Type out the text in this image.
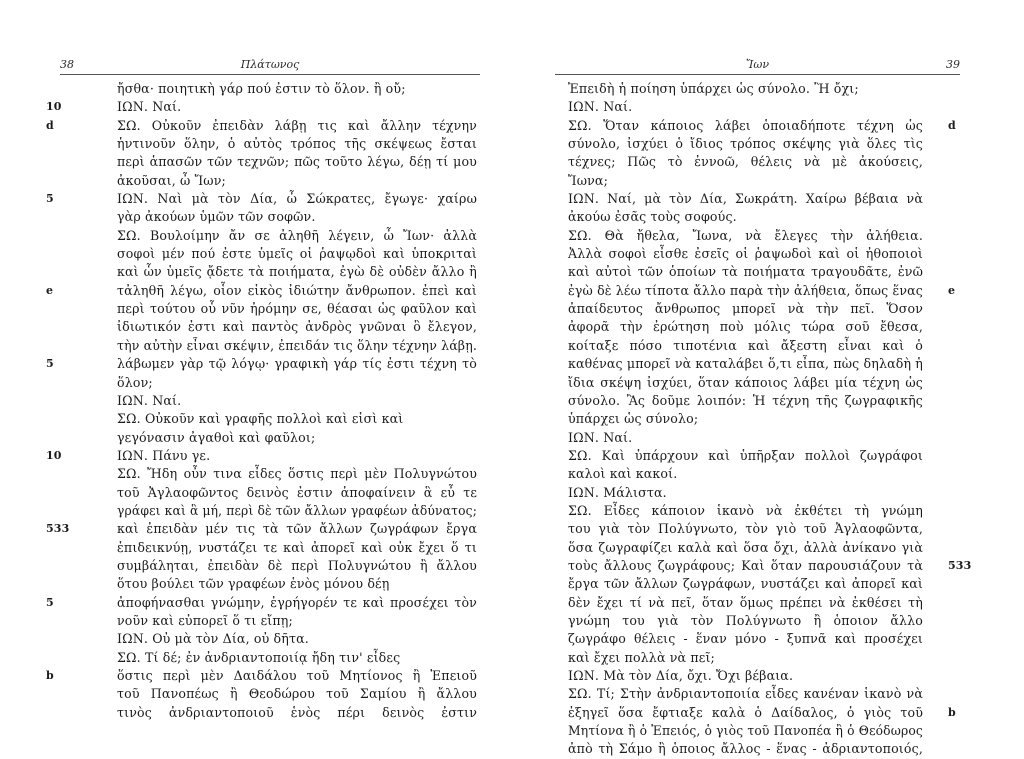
38	Πλάτωνος
ἤσθα· ποιητικὴ γάρ πού ἐστιν τὸ ὅλον. ἢ οὔ;
ΙΩΝ. Ναί.
10
ΣΩ. Οὐκοῦν ἐπειδὰν λάβῃ τις καὶ ἄλλην τέχνην
d
ἡντινοῦν ὅλην, ὁ αὐτὸς τρόπος τῆς σκέψεως ἔσται
περὶ ἁπασῶν τῶν τεχνῶν; πῶς τοῦτο λέγω, δέῃ τί μου
ἀκοῦσαι, ὦ Ἴων;
ΙΩΝ. Ναὶ μὰ τὸν Δία, ὦ Σώκρατες, ἔγωγε· χαίρω
5
γὰρ ἀκούων ὑμῶν τῶν σοφῶν.
ΣΩ. Βουλοίμην ἄν σε ἀληθῆ λέγειν, ὦ Ἴων· ἀλλὰ
σοφοὶ μέν πού ἐστε ὑμεῖς οἱ ῥαψῳδοὶ καὶ ὑποκριταὶ
καὶ ὧν ὑμεῖς ᾄδετε τὰ ποιήματα, ἐγὼ δὲ οὐδὲν ἄλλο ἢ
τἀληθῆ λέγω, οἷον εἰκὸς ἰδιώτην ἄνθρωπον. ἐπεὶ καὶ
e
περὶ τούτου οὗ νῦν ἠρόμην σε, θέασαι ὡς φαῦλον καὶ
ἰδιωτικόν ἐστι καὶ παντὸς ἀνδρὸς γνῶναι ὃ ἔλεγον,
τὴν αὐτὴν εἶναι σκέψιν, ἐπειδάν τις ὅλην τέχνην λάβῃ.
λάβωμεν γὰρ τῷ λόγῳ· γραφικὴ γάρ τίς ἐστι τέχνη τὸ
5
ὅλον;
ΙΩΝ. Ναί.
ΣΩ. Οὐκοῦν καὶ γραφῆς πολλοὶ καὶ εἰσὶ καὶ
γεγόνασιν ἀγαθοὶ καὶ φαῦλοι;
ΙΩΝ. Πάνυ γε.
10
ΣΩ. Ἤδη οὖν τινα εἶδες ὅστις περὶ μὲν Πολυγνώτου
τοῦ Ἀγλαοφῶντος δεινὸς ἐστιν ἀποφαίνειν ἃ εὖ τε
γράφει καὶ ἃ μή, περὶ δὲ τῶν ἄλλων γραφέων ἀδύνατος;
καὶ ἐπειδὰν μέν τις τὰ τῶν ἄλλων ζωγράφων ἔργα
533
ἐπιδεικνύῃ, νυστάζει τε καὶ ἀπορεῖ καὶ οὐκ ἔχει ὅ τι
συμβάληται, ἐπειδὰν δὲ περὶ Πολυγνώτου ἢ ἄλλου
ὅτου βούλει τῶν γραφέων ἑνὸς μόνου δέῃ
ἀποφήνασθαι γνώμην, ἐγρήγορέν τε καὶ προσέχει τὸν
5
νοῦν καὶ εὐπορεῖ ὅ τι εἴπῃ;
ΙΩΝ. Οὐ μὰ τὸν Δία, οὐ δῆτα.
ΣΩ. Τί δέ; ἐν ἀνδριαντοποιίᾳ ἤδη τιν' εἶδες
ὅστις περὶ μὲν Δαιδάλου τοῦ Μητίονος ἢ Ἐπειοῦ
b
τοῦ Πανοπέως ἢ Θεοδώρου τοῦ Σαμίου ἢ ἄλλου
τινὸς ἀνδριαντοποιοῦ ἑνὸς πέρι δεινὸς ἐστιν
Ἴων	39
Ἐπειδὴ ἡ ποίηση ὑπάρχει ὡς σύνολο. Ἢ ὄχι;
ΙΩΝ. Ναί.
ΣΩ. Ὅταν κάποιος λάβει ὁποιαδήποτε τέχνη ὡς d
σύνολο, ἰσχύει ὁ ἴδιος τρόπος σκέψης γιὰ ὅλες τὶς
τέχνες; Πῶς τὸ ἐννοῶ, θέλεις νὰ μὲ ἀκούσεις,
Ἴωνα;
ΙΩΝ. Ναί, μὰ τὸν Δία, Σωκράτη. Χαίρω βέβαια νὰ
ἀκούω ἐσᾶς τοὺς σοφούς.
ΣΩ. Θὰ ἤθελα, Ἴωνα, νὰ ἔλεγες τὴν ἀλήθεια.
Ἀλλὰ σοφοὶ εἶσθε ἐσεῖς οἱ ῥαψωδοὶ καὶ οἱ ἠθοποιοὶ
καὶ αὐτοὶ τῶν ὁποίων τὰ ποιήματα τραγουδᾶτε, ἐνῶ
ἐγὼ δὲ λέω τίποτα ἄλλο παρὰ τὴν ἀλήθεια, ὅπως ἕνας e
ἀπαίδευτος ἄνθρωπος μπορεῖ νὰ τὴν πεῖ. Ὅσον
ἀφορᾶ τὴν ἐρώτηση ποὺ μόλις τώρα σοῦ ἔθεσα,
κοίταξε πόσο τιποτένια καὶ ἄξεστη εἶναι καὶ ὁ
καθένας μπορεῖ νὰ καταλάβει ὅ,τι εἶπα, πὼς δηλαδὴ ἡ
ἴδια σκέψη ἰσχύει, ὅταν κάποιος λάβει μία τέχνη ὡς
σύνολο. Ἂς δοῦμε λοιπόν: Ἡ τέχνη τῆς ζωγραφικῆς
ὑπάρχει ὡς σύνολο;
ΙΩΝ. Ναί.
ΣΩ. Καὶ ὑπάρχουν καὶ ὑπῆρξαν πολλοὶ ζωγράφοι
καλοὶ καὶ κακοί.
ΙΩΝ. Μάλιστα.
ΣΩ. Εἶδες κάποιον ἱκανὸ νὰ ἐκθέτει τὴ γνώμη
του γιὰ τὸν Πολύγνωτο, τὸν γιὸ τοῦ Ἀγλαοφῶντα,
ὅσα ζωγραφίζει καλὰ καὶ ὅσα ὄχι, ἀλλὰ ἀνίκανο γιὰ
τοὺς ἄλλους ζωγράφους; Καὶ ὅταν παρουσιάζουν τὰ 533
ἔργα τῶν ἄλλων ζωγράφων, νυστάζει καὶ ἀπορεῖ καὶ
δὲν ἔχει τί νὰ πεῖ, ὅταν ὅμως πρέπει νὰ ἐκθέσει τὴ
γνώμη του γιὰ τὸν Πολύγνωτο ἢ ὁποιον ἄλλο
ζωγράφο θέλεις - ἕναν μόνο - ξυπνᾶ καὶ προσέχει
καὶ ἔχει πολλὰ νὰ πεῖ;
ΙΩΝ. Μὰ τὸν Δία, ὄχι. Ὄχι βέβαια.
ΣΩ. Τί; Στὴν ἀνδριαντοποιία εἶδες κανέναν ἱκανὸ νὰ
ἐξηγεῖ ὅσα ἔφτιαξε καλὰ ὁ Δαίδαλος, ὁ γιὸς τοῦ b
Μητίονα ἢ ὁ Ἐπειός, ὁ γιὸς τοῦ Πανοπέα ἢ ὁ Θεόδωρος
ἀπὸ τὴ Σάμο ἢ ὁποιος ἄλλος - ἕνας - ἀδριαντοποιός,
